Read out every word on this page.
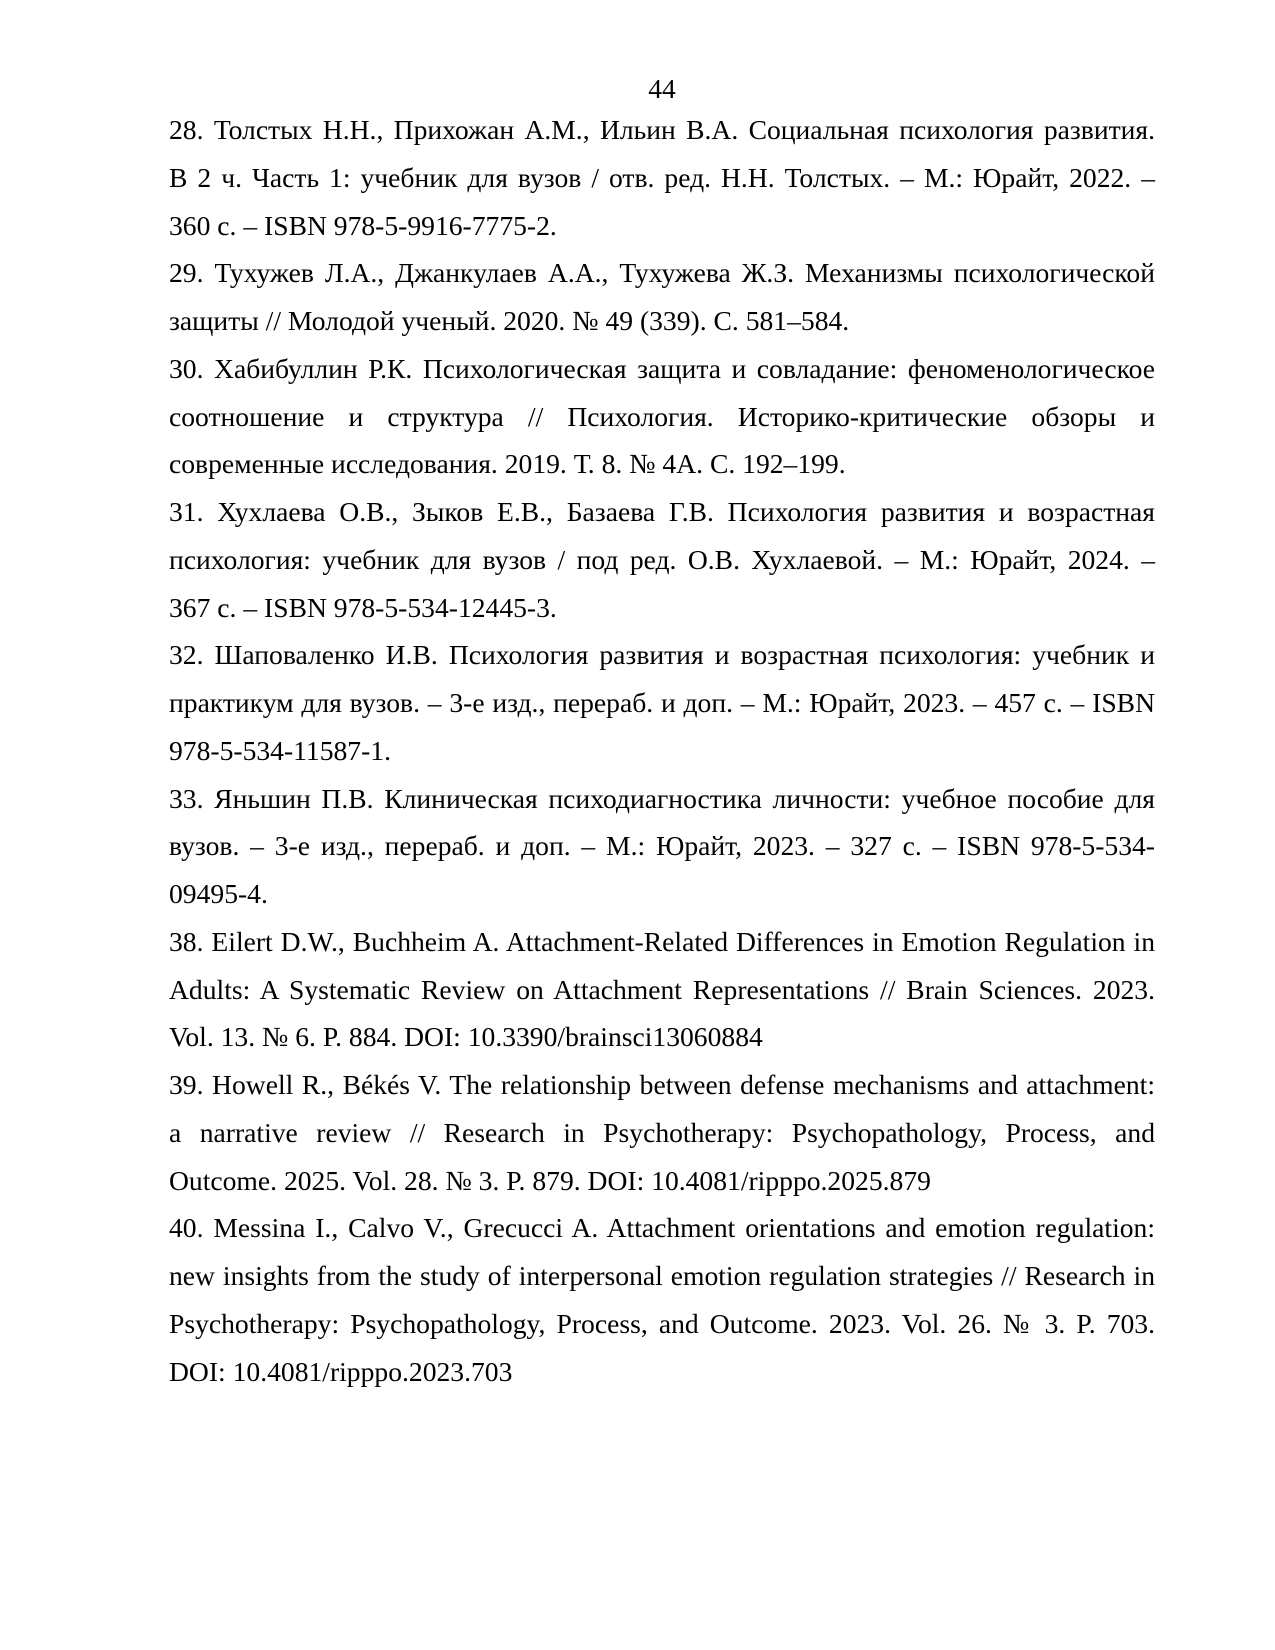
44
28. Толстых Н.Н., Прихожан А.М., Ильин В.А. Социальная психология развития.
В 2 ч. Часть 1: учебник для вузов / отв. ред. Н.Н. Толстых. – М.: Юрайт, 2022. –
360 с. – ISBN 978-5-9916-7775-2.
29. Тухужев Л.А., Джанкулаев А.А., Тухужева Ж.З. Механизмы психологической
защиты // Молодой ученый. 2020. № 49 (339). С. 581–584.
30. Хабибуллин Р.К. Психологическая защита и совладание: феноменологическое
соотношение и структура // Психология. Историко-критические обзоры и
современные исследования. 2019. Т. 8. № 4А. С. 192–199.
31. Хухлаева О.В., Зыков Е.В., Базаева Г.В. Психология развития и возрастная
психология: учебник для вузов / под ред. О.В. Хухлаевой. – М.: Юрайт, 2024. –
367 с. – ISBN 978-5-534-12445-3.
32. Шаповаленко И.В. Психология развития и возрастная психология: учебник и
практикум для вузов. – 3-е изд., перераб. и доп. – М.: Юрайт, 2023. – 457 с. – ISBN
978-5-534-11587-1.
33. Яньшин П.В. Клиническая психодиагностика личности: учебное пособие для
вузов. – 3-е изд., перераб. и доп. – М.: Юрайт, 2023. – 327 с. – ISBN 978-5-534-
09495-4.
38. Eilert D.W., Buchheim A. Attachment-Related Differences in Emotion Regulation in
Adults: A Systematic Review on Attachment Representations // Brain Sciences. 2023.
Vol. 13. № 6. P. 884. DOI: 10.3390/brainsci13060884
39. Howell R., Békés V. The relationship between defense mechanisms and attachment:
a narrative review // Research in Psychotherapy: Psychopathology, Process, and
Outcome. 2025. Vol. 28. № 3. P. 879. DOI: 10.4081/ripppo.2025.879
40. Messina I., Calvo V., Grecucci A. Attachment orientations and emotion regulation:
new insights from the study of interpersonal emotion regulation strategies // Research in
Psychotherapy: Psychopathology, Process, and Outcome. 2023. Vol. 26. № 3. P. 703.
DOI: 10.4081/ripppo.2023.703
